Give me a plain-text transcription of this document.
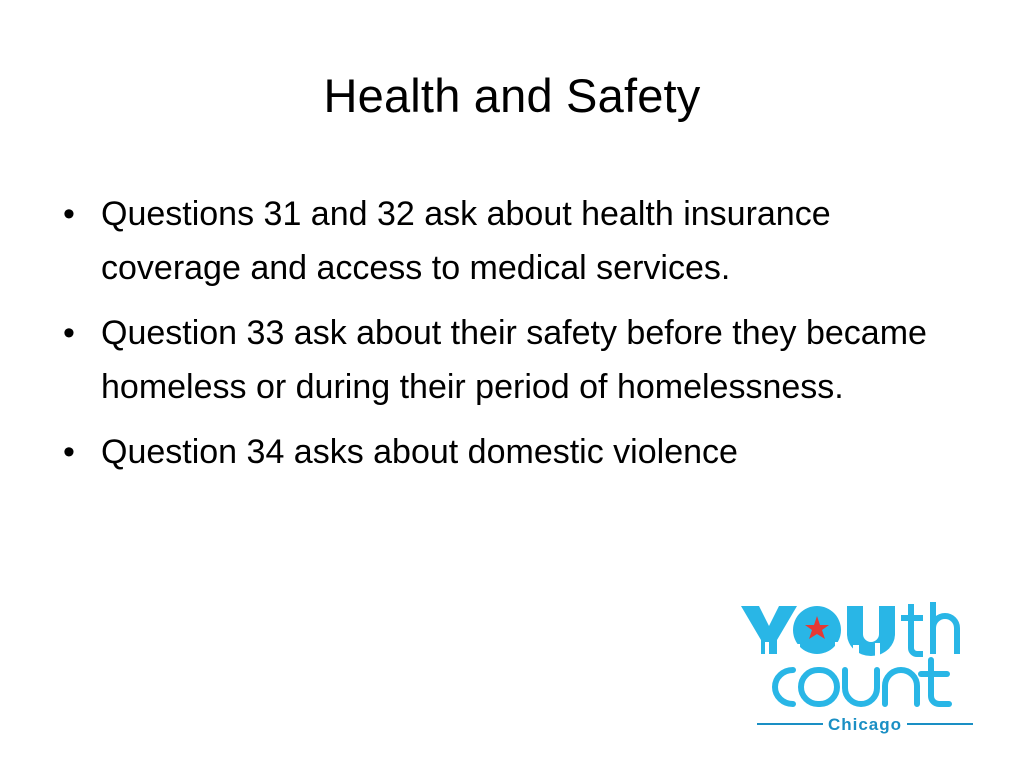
Health and Safety
• Questions 31 and 32 ask about health insurance coverage and access to medical services.
• Question 33 ask about their safety before they became homeless or during their period of homelessness.
• Question 34 asks about domestic violence
Chicago
